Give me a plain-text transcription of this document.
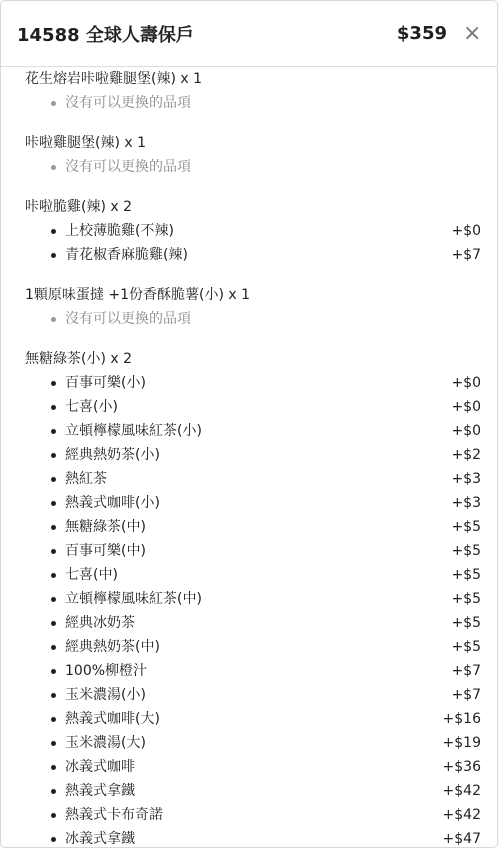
14588 全球人壽保戶	$359 ×
花生熔岩咔啦雞腿堡(辣) x 1
沒有可以更換的品項
咔啦雞腿堡(辣) x 1
沒有可以更換的品項
咔啦脆雞(辣) x 2
上校薄脆雞(不辣)	+$0
青花椒香麻脆雞(辣)	+$7
1顆原味蛋撻 +1份香酥脆薯(小) x 1
沒有可以更換的品項
無糖綠茶(小) x 2
百事可樂(小)	+$0
七喜(小)	+$0
立頓檸檬風味紅茶(小)	+$0
經典熱奶茶(小)	+$2
熱紅茶	+$3
熱義式咖啡(小)	+$3
無糖綠茶(中)	+$5
百事可樂(中)	+$5
七喜(中)	+$5
立頓檸檬風味紅茶(中)	+$5
經典冰奶茶	+$5
經典熱奶茶(中)	+$5
100%柳橙汁	+$7
玉米濃湯(小)	+$7
熱義式咖啡(大)	+$16
玉米濃湯(大)	+$19
冰義式咖啡	+$36
熱義式拿鐵	+$42
熱義式卡布奇諾	+$42
冰義式拿鐵	+$47
